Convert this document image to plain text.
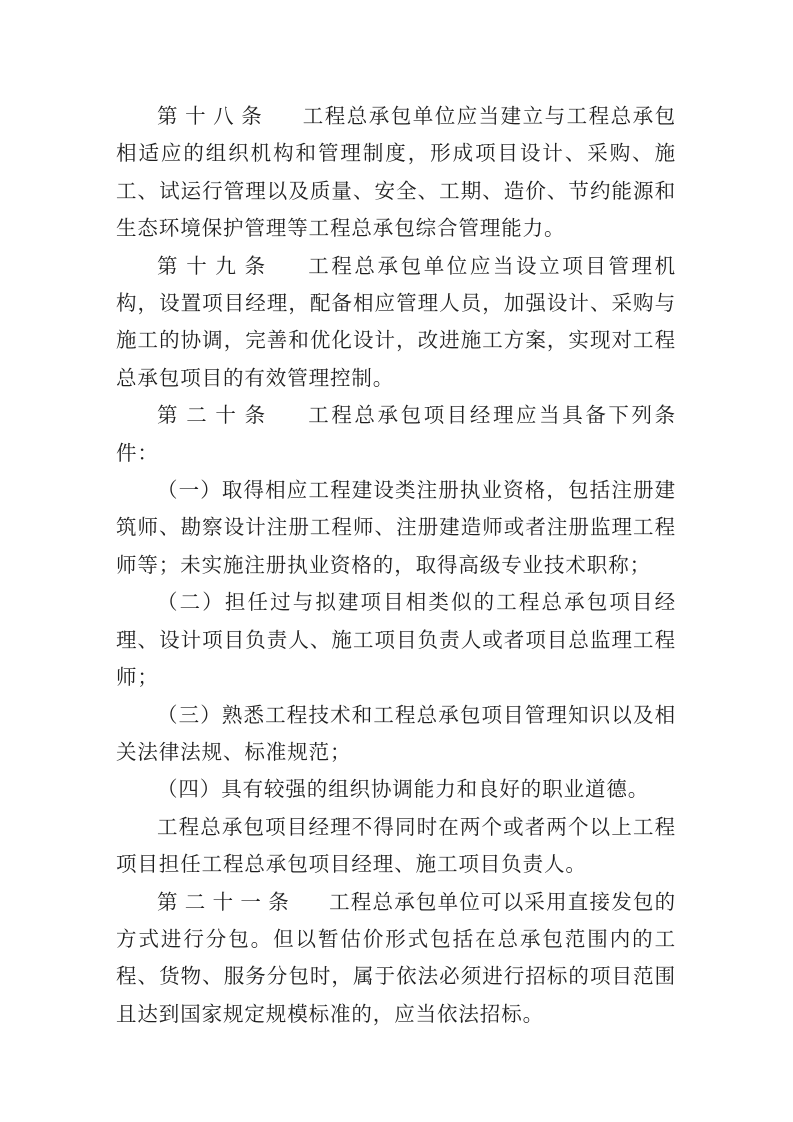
第十八条 工程总承包单位应当建立与工程总承包相适应的组织机构和管理制度，形成项目设计、采购、施工、试运行管理以及质量、安全、工期、造价、节约能源和生态环境保护管理等工程总承包综合管理能力。

第十九条 工程总承包单位应当设立项目管理机构，设置项目经理，配备相应管理人员，加强设计、采购与施工的协调，完善和优化设计，改进施工方案，实现对工程总承包项目的有效管理控制。

第二十条 工程总承包项目经理应当具备下列条件：

（一）取得相应工程建设类注册执业资格，包括注册建筑师、勘察设计注册工程师、注册建造师或者注册监理工程师等；未实施注册执业资格的，取得高级专业技术职称；

（二）担任过与拟建项目相类似的工程总承包项目经理、设计项目负责人、施工项目负责人或者项目总监理工程师；

（三）熟悉工程技术和工程总承包项目管理知识以及相关法律法规、标准规范；

（四）具有较强的组织协调能力和良好的职业道德。

工程总承包项目经理不得同时在两个或者两个以上工程项目担任工程总承包项目经理、施工项目负责人。

第二十一条 工程总承包单位可以采用直接发包的方式进行分包。但以暂估价形式包括在总承包范围内的工程、货物、服务分包时，属于依法必须进行招标的项目范围且达到国家规定规模标准的，应当依法招标。
